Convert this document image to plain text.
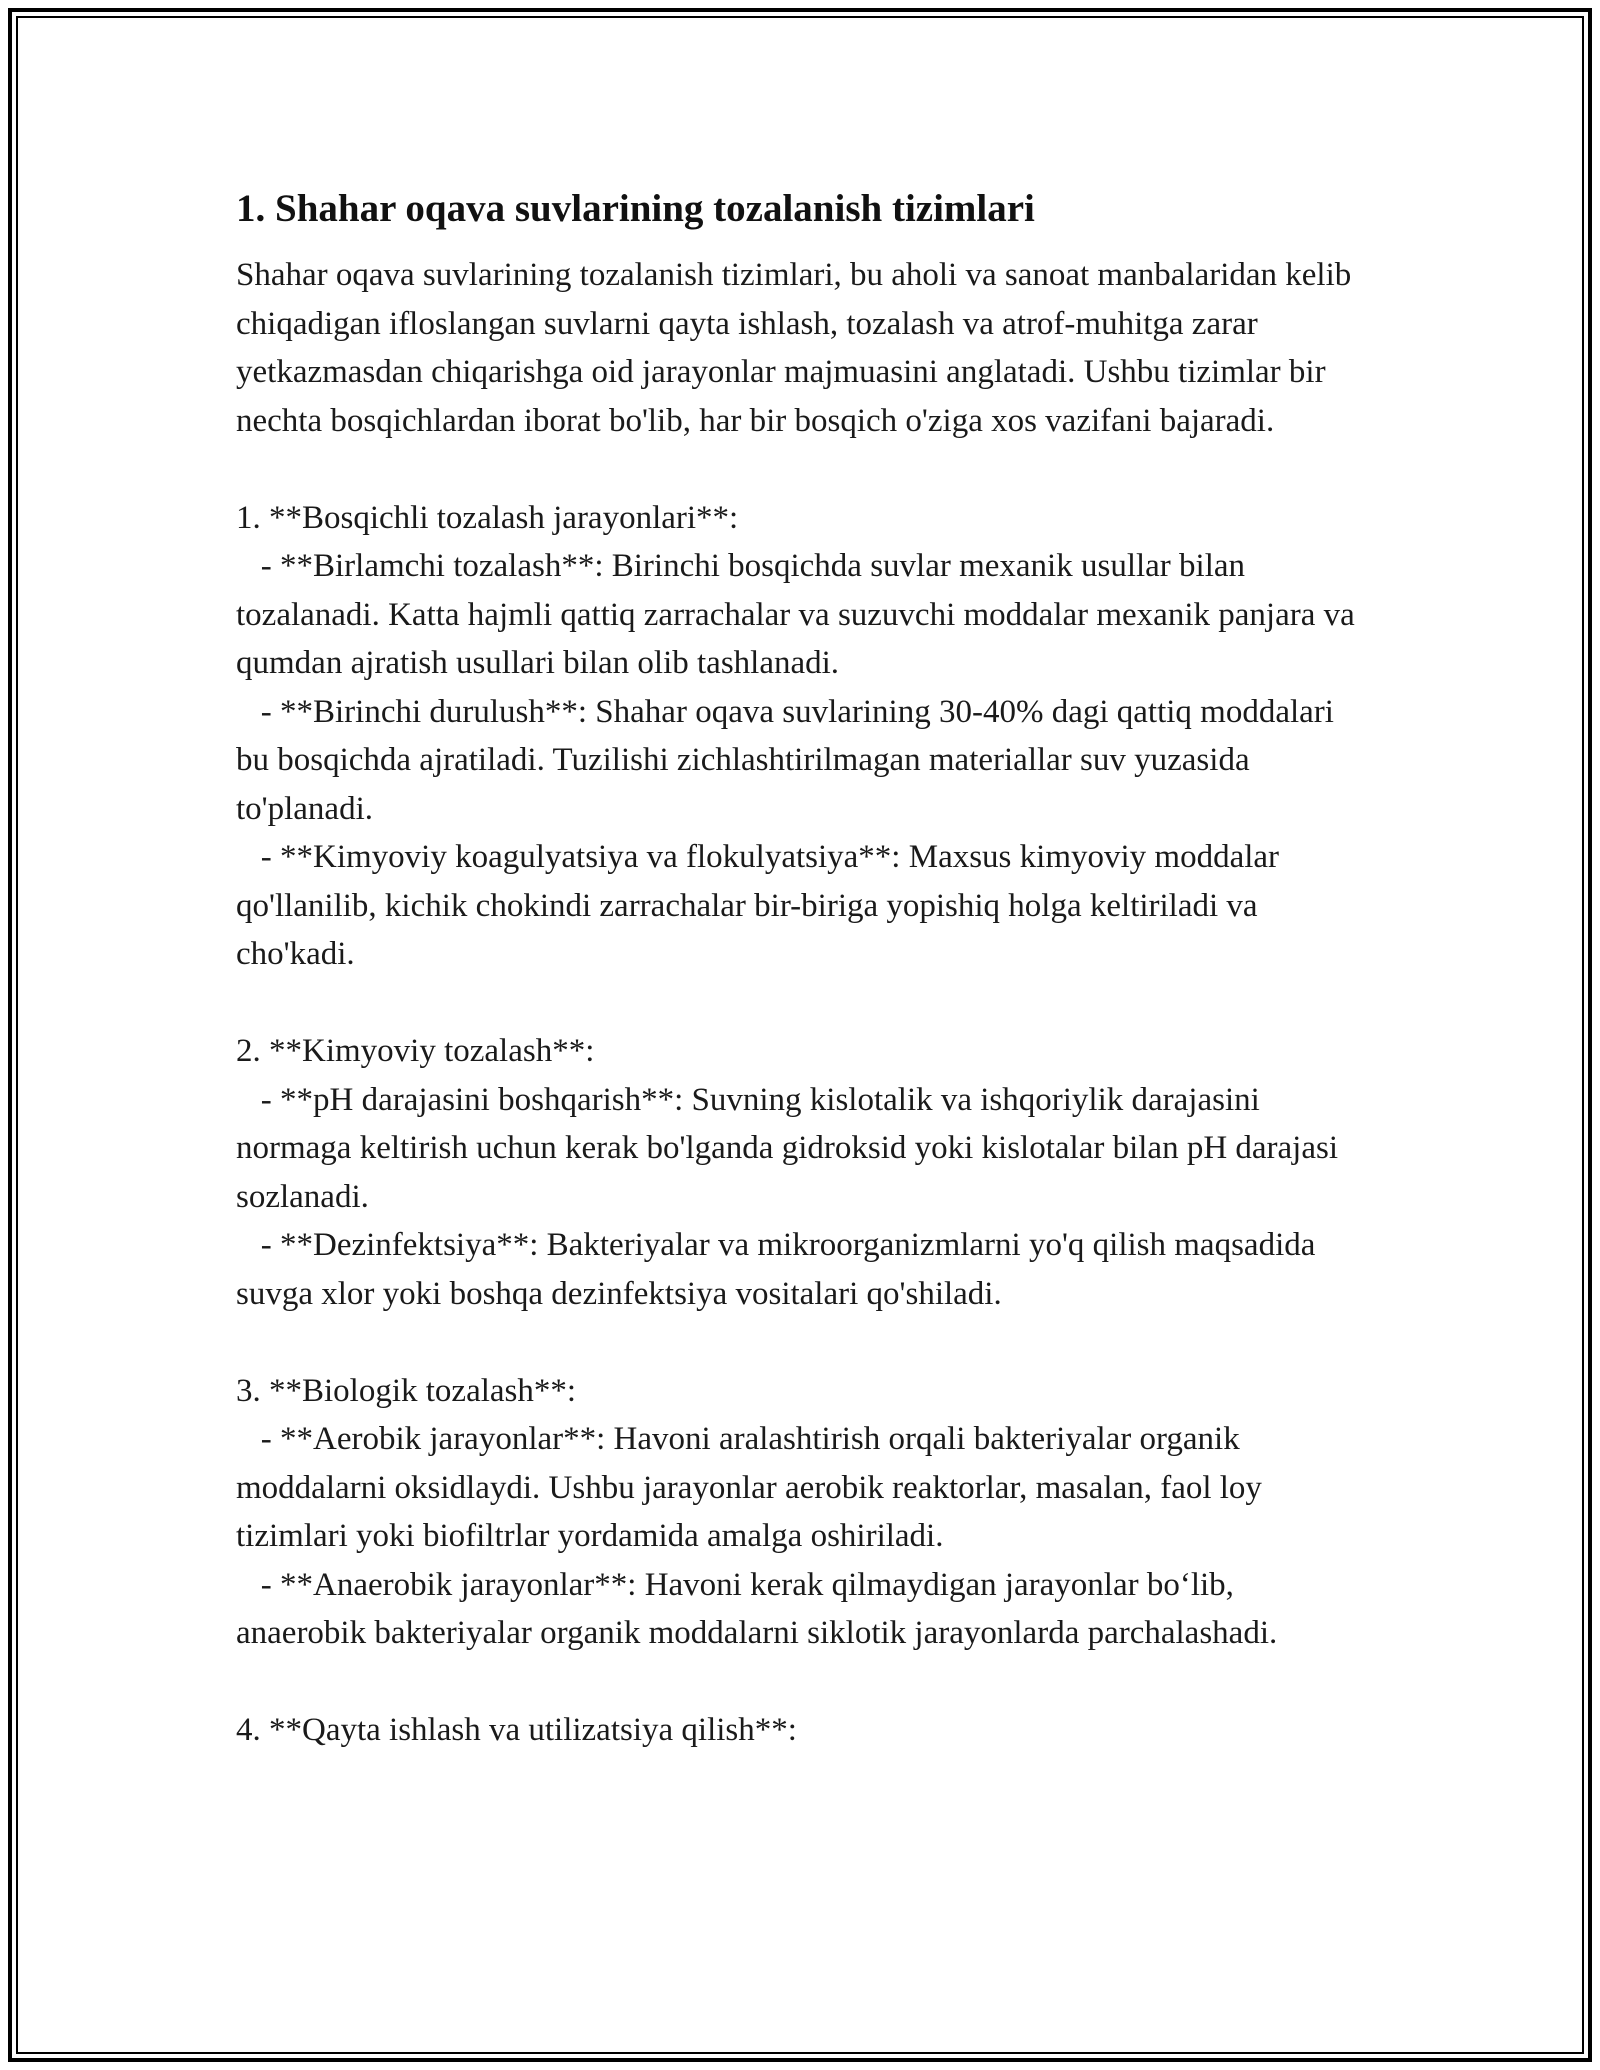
1. Shahar oqava suvlarining tozalanish tizimlari

Shahar oqava suvlarining tozalanish tizimlari, bu aholi va sanoat manbalaridan kelib chiqadigan ifloslangan suvlarni qayta ishlash, tozalash va atrof-muhitga zarar yetkazmasdan chiqarishga oid jarayonlar majmuasini anglatadi. Ushbu tizimlar bir nechta bosqichlardan iborat bo'lib, har bir bosqich o'ziga xos vazifani bajaradi.

1. **Bosqichli tozalash jarayonlari**:

- **Birlamchi tozalash**: Birinchi bosqichda suvlar mexanik usullar bilan tozalanadi. Katta hajmli qattiq zarrachalar va suzuvchi moddalar mexanik panjara va qumdan ajratish usullari bilan olib tashlanadi.

- **Birinchi durulush**: Shahar oqava suvlarining 30-40% dagi qattiq moddalari bu bosqichda ajratiladi. Tuzilishi zichlashtirilmagan materiallar suv yuzasida to'planadi.

- **Kimyoviy koagulyatsiya va flokulyatsiya**: Maxsus kimyoviy moddalar qo'llanilib, kichik chokindi zarrachalar bir-biriga yopishiq holga keltiriladi va cho'kadi.

2. **Kimyoviy tozalash**:

- **pH darajasini boshqarish**: Suvning kislotalik va ishqoriylik darajasini normaga keltirish uchun kerak bo'lganda gidroksid yoki kislotalar bilan pH darajasi sozlanadi.

- **Dezinfektsiya**: Bakteriyalar va mikroorganizmlarni yo'q qilish maqsadida suvga xlor yoki boshqa dezinfektsiya vositalari qo'shiladi.

3. **Biologik tozalash**:

- **Aerobik jarayonlar**: Havoni aralashtirish orqali bakteriyalar organik moddalarni oksidlaydi. Ushbu jarayonlar aerobik reaktorlar, masalan, faol loy tizimlari yoki biofiltrlar yordamida amalga oshiriladi.

- **Anaerobik jarayonlar**: Havoni kerak qilmaydigan jarayonlar bo‘lib, anaerobik bakteriyalar organik moddalarni siklotik jarayonlarda parchalashadi.

4. **Qayta ishlash va utilizatsiya qilish**:
